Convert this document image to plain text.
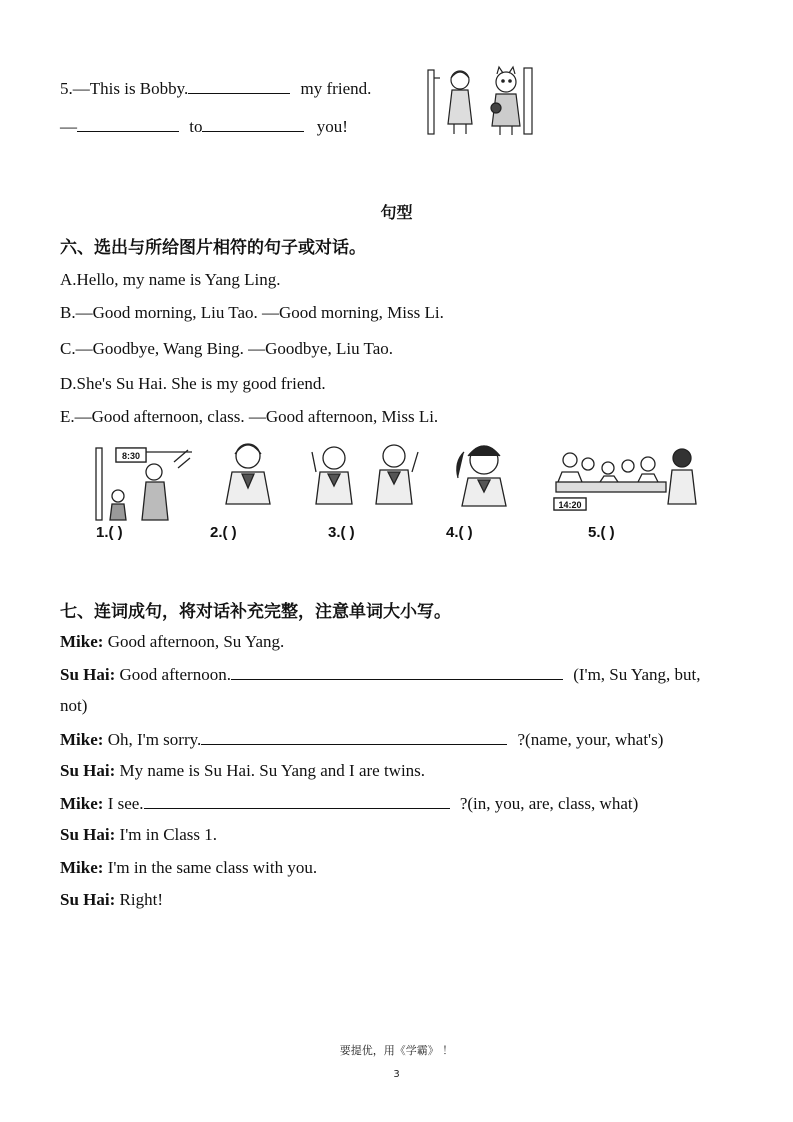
5.—This is Bobby.	my friend.
—	to	you!
句型
六、选出与所给图片相符的句子或对话。
A.Hello, my name is Yang Ling.
B.—Good morning, Liu Tao. —Good morning, Miss Li.
C.—Goodbye, Wang Bing. —Goodbye, Liu Tao.
D.She's Su Hai. She is my good friend.
E.—Good afternoon, class. —Good afternoon, Miss Li.
8:30
14:20
1.( )	2.( )	3.( )	4.( )	5.( )
七、连词成句，将对话补充完整，注意单词大小写。
Mike: Good afternoon, Su Yang.
Su Hai: Good afternoon.	(I'm, Su Yang, but,
not)
Mike: Oh, I'm sorry.	?(name, your, what's)
Su Hai: My name is Su Hai. Su Yang and I are twins.
Mike: I see.	?(in, you, are, class, what)
Su Hai: I'm in Class 1.
Mike: I'm in the same class with you.
Su Hai: Right!
要提优，用《学霸》 ！
3
